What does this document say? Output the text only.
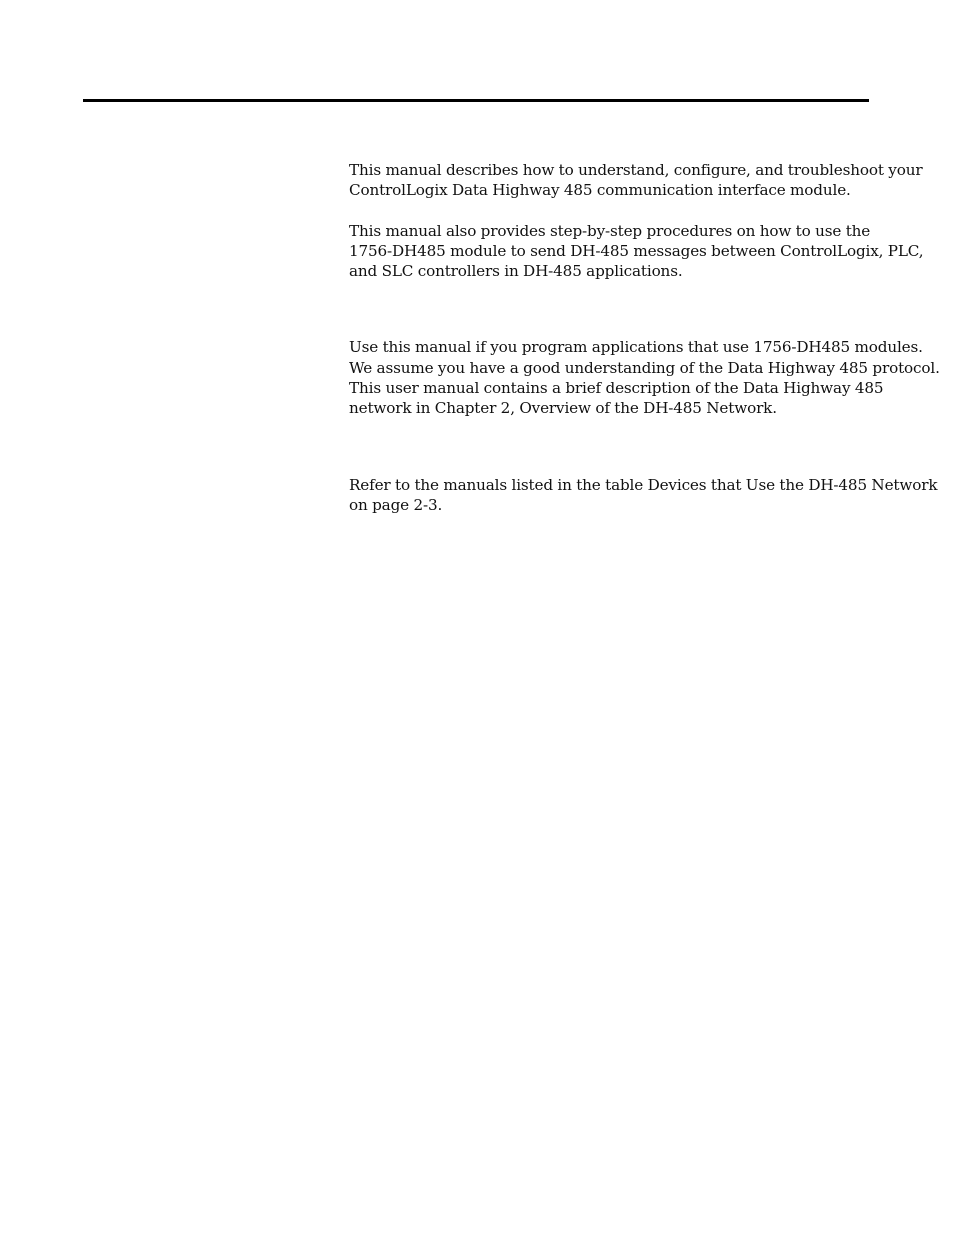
This manual describes how to understand, configure, and troubleshoot your
ControlLogix Data Highway 485 communication interface module.

This manual also provides step-by-step procedures on how to use the
1756-DH485 module to send DH-485 messages between ControlLogix, PLC,
and SLC controllers in DH-485 applications.

Use this manual if you program applications that use 1756-DH485 modules.
We assume you have a good understanding of the Data Highway 485 protocol.
This user manual contains a brief description of the Data Highway 485
network in Chapter 2, Overview of the DH-485 Network.

Refer to the manuals listed in the table Devices that Use the DH-485 Network
on page 2-3.
